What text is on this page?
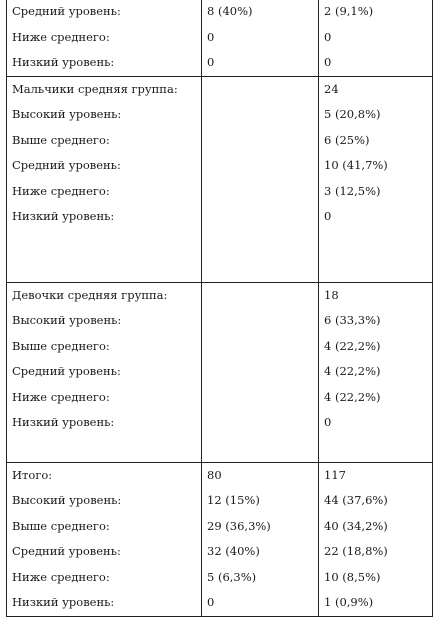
Средний уровень:	8 (40%)	2 (9,1%)
Ниже среднего:	0	0
Низкий уровень:	0	0
Мальчики средняя группа:		24
Высокий уровень:		5 (20,8%)
Выше среднего:		6 (25%)
Средний уровень:		10 (41,7%)
Ниже среднего:		3 (12,5%)
Низкий уровень:		0

Девочки средняя группа:		18
Высокий уровень:		6 (33,3%)
Выше среднего:		4 (22,2%)
Средний уровень:		4 (22,2%)
Ниже среднего:		4 (22,2%)
Низкий уровень:		0

Итого:	80	117
Высокий уровень:	12 (15%)	44 (37,6%)
Выше среднего:	29 (36,3%)	40 (34,2%)
Средний уровень:	32 (40%)	22 (18,8%)
Ниже среднего:	5 (6,3%)	10 (8,5%)
Низкий уровень:	0	1 (0,9%)
